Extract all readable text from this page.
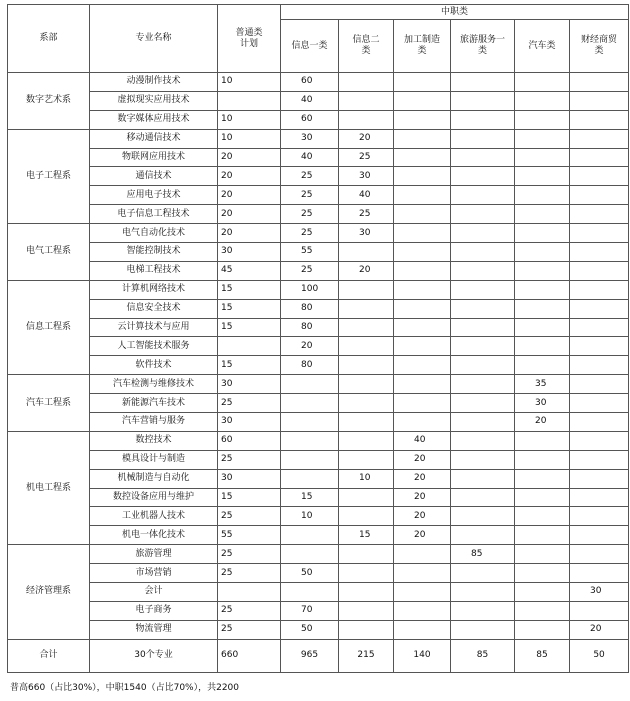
系部	专业名称	普通类计划	中职类					
			信息一类	信息二类	加工制造类	旅游服务一类	汽车类	财经商贸类
数字艺术系	动漫制作技术	10	60					
	虚拟现实应用技术		40					
	数字媒体应用技术	10	60					
电子工程系	移动通信技术	10	30	20				
	物联网应用技术	20	40	25				
	通信技术	20	25	30				
	应用电子技术	20	25	40				
	电子信息工程技术	20	25	25				
电气工程系	电气自动化技术	20	25	30				
	智能控制技术	30	55					
	电梯工程技术	45	25	20				
信息工程系	计算机网络技术	15	100					
	信息安全技术	15	80					
	云计算技术与应用	15	80					
	人工智能技术服务		20					
	软件技术	15	80					
汽车工程系	汽车检测与维修技术	30					35	
	新能源汽车技术	25					30	
	汽车营销与服务	30					20	
机电工程系	数控技术	60			40			
	模具设计与制造	25			20			
	机械制造与自动化	30		10	20			
	数控设备应用与维护	15	15		20			
	工业机器人技术	25	10		20			
	机电一体化技术	55		15	20			
经济管理系	旅游管理	25				85		
	市场营销	25	50					
	会计							30
	电子商务	25	70					
	物流管理	25	50					20
合计	30个专业	660	965	215	140	85	85	50
普高660（占比30%），中职1540（占比70%），共2200
